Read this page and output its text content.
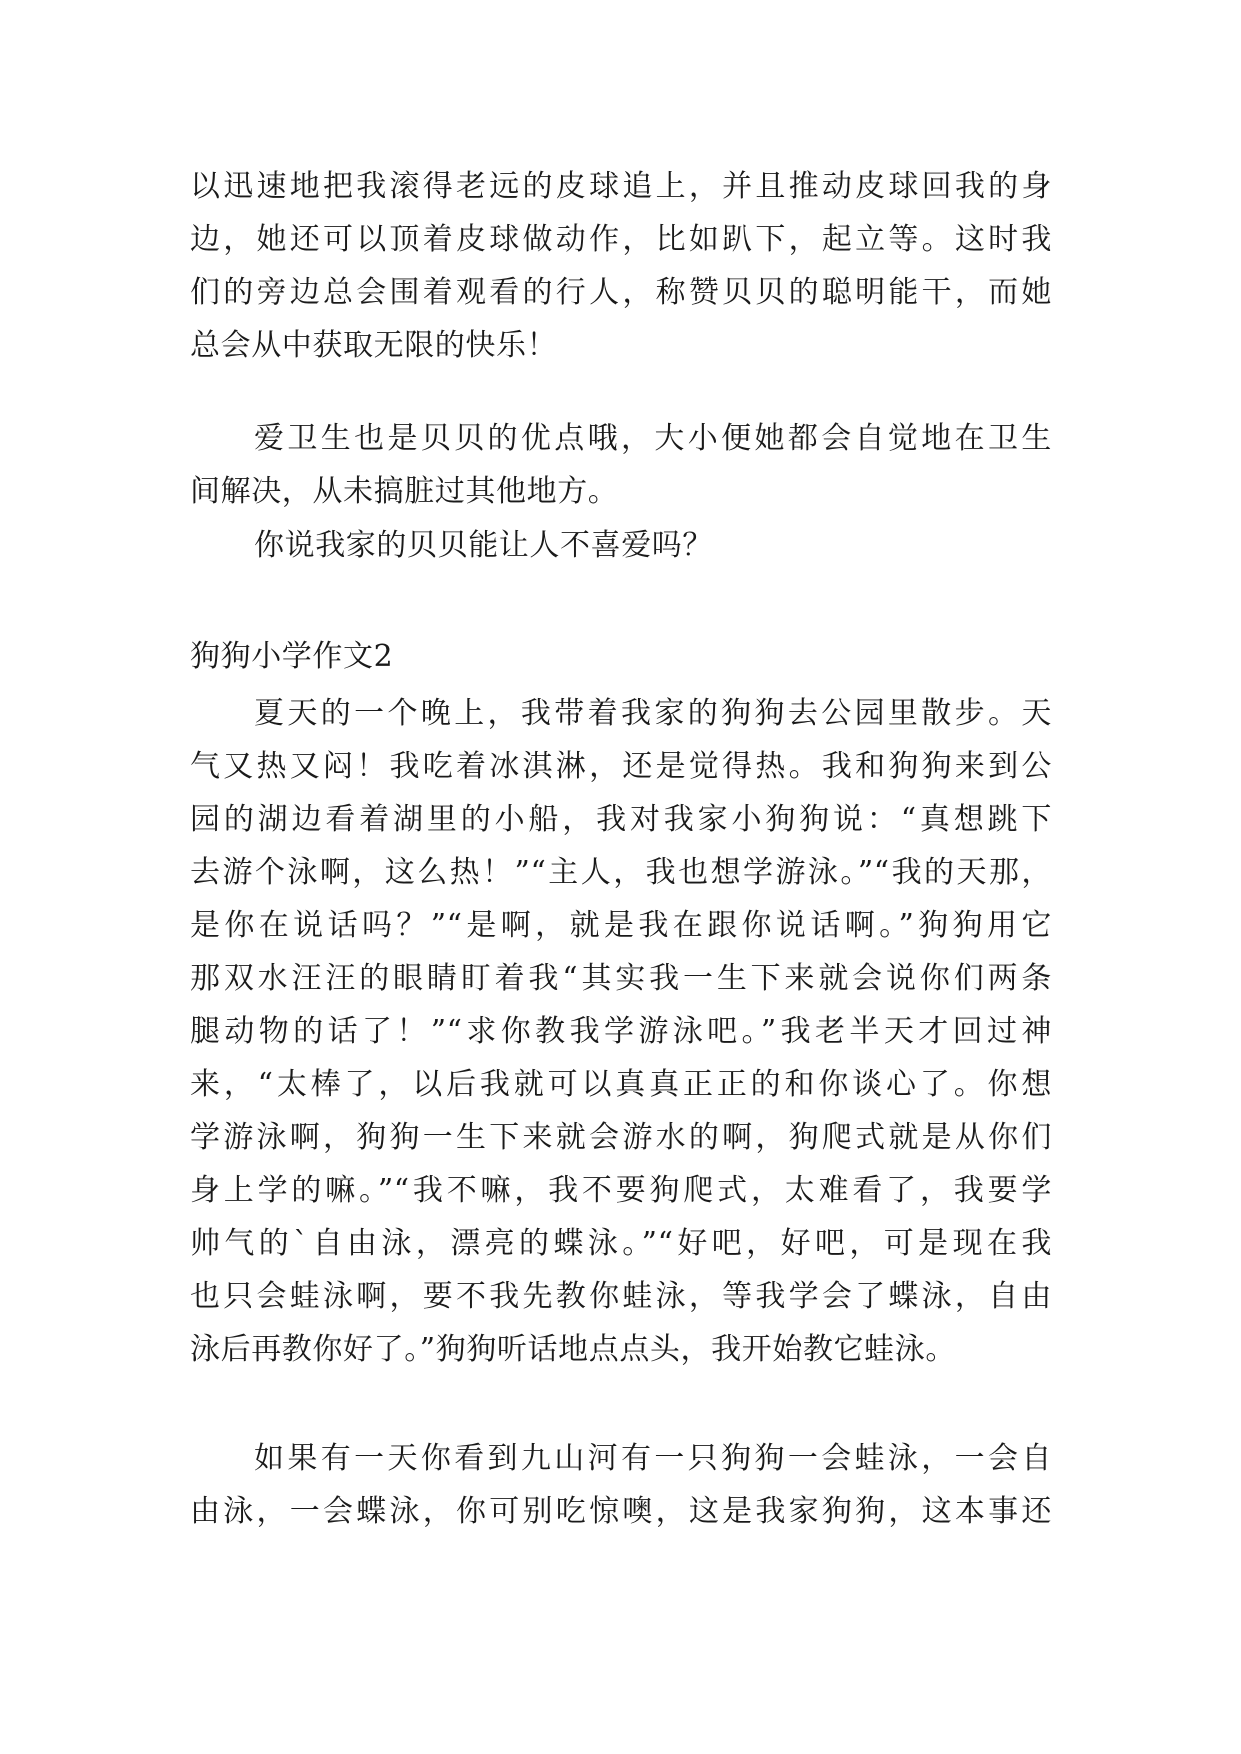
以迅速地把我滚得老远的皮球追上，并且推动皮球回我的身
边，她还可以顶着皮球做动作，比如趴下，起立等。这时我
们的旁边总会围着观看的行人，称赞贝贝的聪明能干，而她
总会从中获取无限的快乐！
爱卫生也是贝贝的优点哦，大小便她都会自觉地在卫生
间解决，从未搞脏过其他地方。
你说我家的贝贝能让人不喜爱吗？
狗狗小学作文2
夏天的一个晚上，我带着我家的狗狗去公园里散步。天
气又热又闷！我吃着冰淇淋，还是觉得热。我和狗狗来到公
园的湖边看着湖里的小船，我对我家小狗狗说：“真想跳下
去游个泳啊，这么热！”“主人，我也想学游泳。”“我的天那，
是你在说话吗？”“是啊，就是我在跟你说话啊。”狗狗用它
那双水汪汪的眼睛盯着我“其实我一生下来就会说你们两条
腿动物的话了！”“求你教我学游泳吧。”我老半天才回过神
来，“太棒了，以后我就可以真真正正的和你谈心了。你想
学游泳啊，狗狗一生下来就会游水的啊，狗爬式就是从你们
身上学的嘛。”“我不嘛，我不要狗爬式，太难看了，我要学
帅气的`自由泳，漂亮的蝶泳。”“好吧，好吧，可是现在我
也只会蛙泳啊，要不我先教你蛙泳，等我学会了蝶泳，自由
泳后再教你好了。”狗狗听话地点点头，我开始教它蛙泳。
如果有一天你看到九山河有一只狗狗一会蛙泳，一会自
由泳，一会蝶泳，你可别吃惊噢，这是我家狗狗，这本事还
